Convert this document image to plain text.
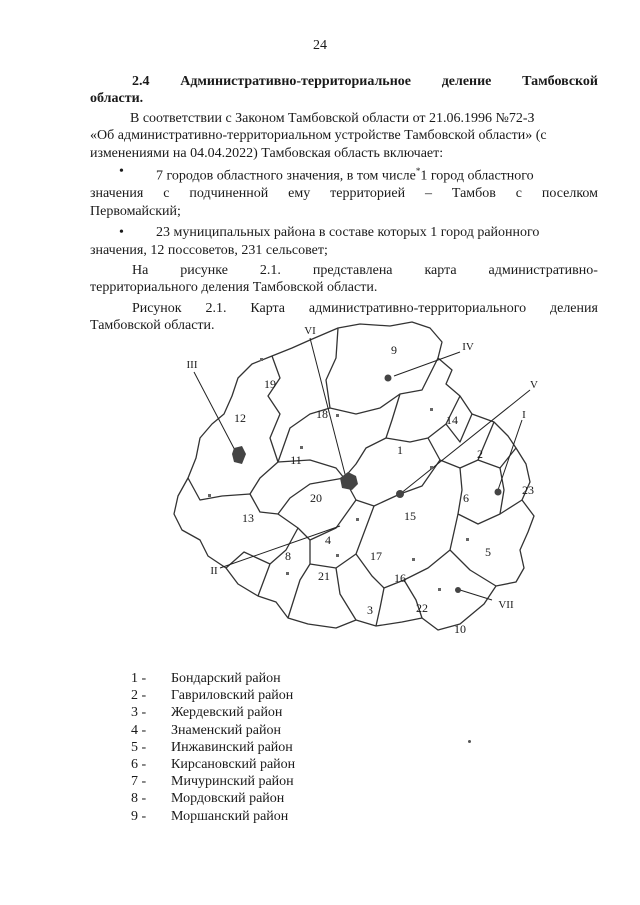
24
2.4 Административно-территориальное деление Тамбовской
области.
В соответствии с Законом Тамбовской области от 21.06.1996 №72-З
«Об административно-территориальном устройстве Тамбовской области» (с
изменениями на 04.04.2022) Тамбовская область включает:
•	7 городов областного значения, в том числе*1 город областного
значения с подчиненной ему территорией – Тамбов с поселком
Первомайский;
•	23 муниципальных района в составе которых 1 город районного
значения, 12 поссоветов, 231 сельсовет;
На рисунке 2.1. представлена карта административно-
территориального деления Тамбовской области.
Рисунок 2.1. Карта административно-территориального деления
Тамбовской области.
1	2
3
4
5
6
8
9
10
11
12
13
14
15
16
17
18
19
20
21
22
23
I
II
III
IV
V
VI
VII
1 -	Бондарский район
2 -	Гавриловский район
3 -	Жердевский район
4 -	Знаменский район
5 -	Инжавинский район
6 -	Кирсановский район
7 -	Мичуринский район
8 -	Мордовский район
9 -	Моршанский район
